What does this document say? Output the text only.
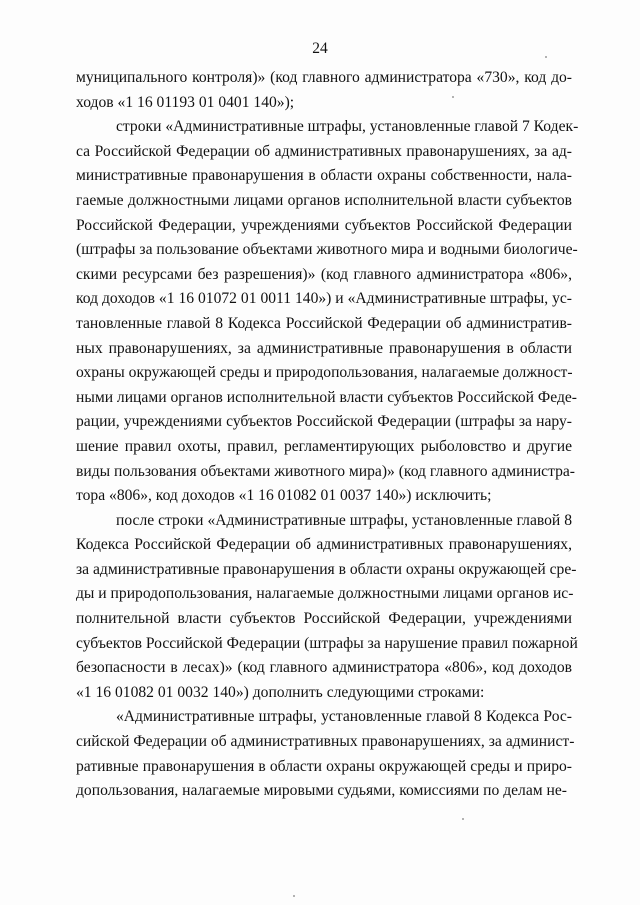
24
муниципального контроля)» (код главного администратора «730», код до-
ходов «1 16 01193 01 0401 140»);
строки «Административные штрафы, установленные главой 7 Кодек-
са Российской Федерации об административных правонарушениях, за ад-
министративные правонарушения в области охраны собственности, нала-
гаемые должностными лицами органов исполнительной власти субъектов
Российской Федерации, учреждениями субъектов Российской Федерации
(штрафы за пользование объектами животного мира и водными биологиче-
скими ресурсами без разрешения)» (код главного администратора «806»,
код доходов «1 16 01072 01 0011 140») и «Административные штрафы, ус-
тановленные главой 8 Кодекса Российской Федерации об административ-
ных правонарушениях, за административные правонарушения в области
охраны окружающей среды и природопользования, налагаемые должност-
ными лицами органов исполнительной власти субъектов Российской Феде-
рации, учреждениями субъектов Российской Федерации (штрафы за нару-
шение правил охоты, правил, регламентирующих рыболовство и другие
виды пользования объектами животного мира)» (код главного администра-
тора «806», код доходов «1 16 01082 01 0037 140») исключить;
после строки «Административные штрафы, установленные главой 8
Кодекса Российской Федерации об административных правонарушениях,
за административные правонарушения в области охраны окружающей сре-
ды и природопользования, налагаемые должностными лицами органов ис-
полнительной власти субъектов Российской Федерации, учреждениями
субъектов Российской Федерации (штрафы за нарушение правил пожарной
безопасности в лесах)» (код главного администратора «806», код доходов
«1 16 01082 01 0032 140») дополнить следующими строками:
«Административные штрафы, установленные главой 8 Кодекса Рос-
сийской Федерации об административных правонарушениях, за админист-
ративные правонарушения в области охраны окружающей среды и приро-
допользования, налагаемые мировыми судьями, комиссиями по делам не-
